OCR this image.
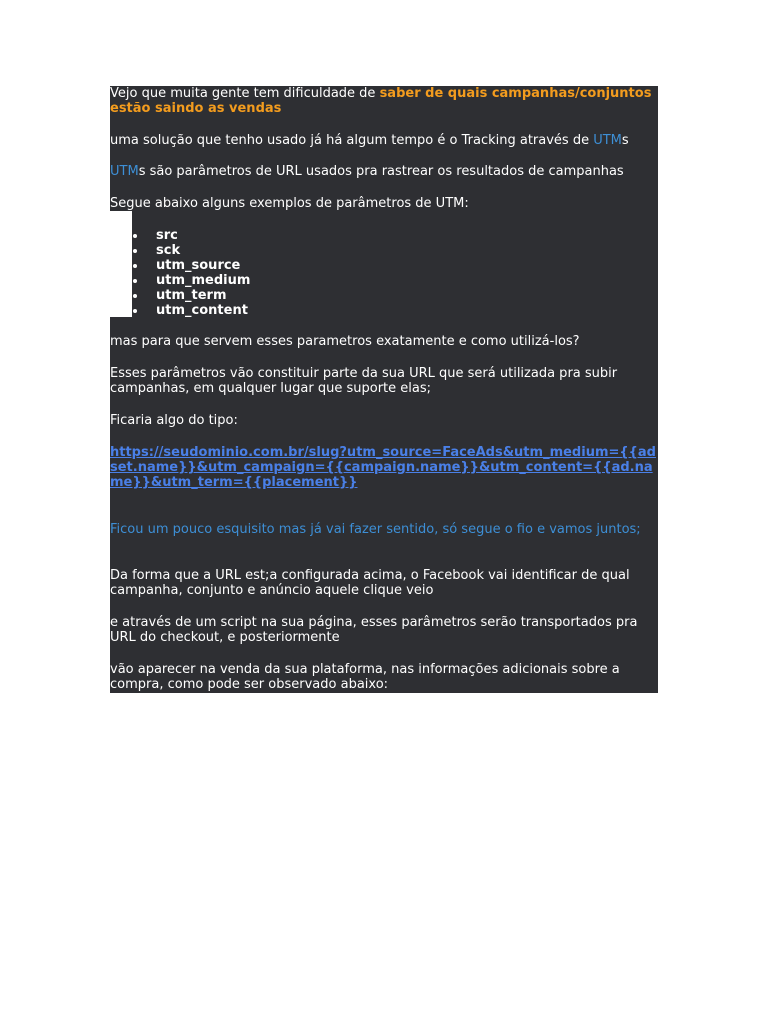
Vejo que muita gente tem dificuldade de saber de quais campanhas/conjuntos estão saindo as vendas

uma solução que tenho usado já há algum tempo é o Tracking através de UTMs

UTMs são parâmetros de URL usados pra rastrear os resultados de campanhas

Segue abaixo alguns exemplos de parâmetros de UTM:

src
sck
utm_source
utm_medium
utm_term
utm_content

mas para que servem esses parametros exatamente e como utilizá-los?

Esses parâmetros vão constituir parte da sua URL que será utilizada pra subir campanhas, em qualquer lugar que suporte elas;

Ficaria algo do tipo:

https://seudominio.com.br/slug?utm_source=FaceAds&utm_medium={{adset.name}}&utm_campaign={{campaign.name}}&utm_content={{ad.name}}&utm_term={{placement}}

Ficou um pouco esquisito mas já vai fazer sentido, só segue o fio e vamos juntos;

Da forma que a URL est;a configurada acima, o Facebook vai identificar de qual campanha, conjunto e anúncio aquele clique veio

e através de um script na sua página, esses parâmetros serão transportados pra URL do checkout, e posteriormente

vão aparecer na venda da sua plataforma, nas informações adicionais sobre a compra, como pode ser observado abaixo:
